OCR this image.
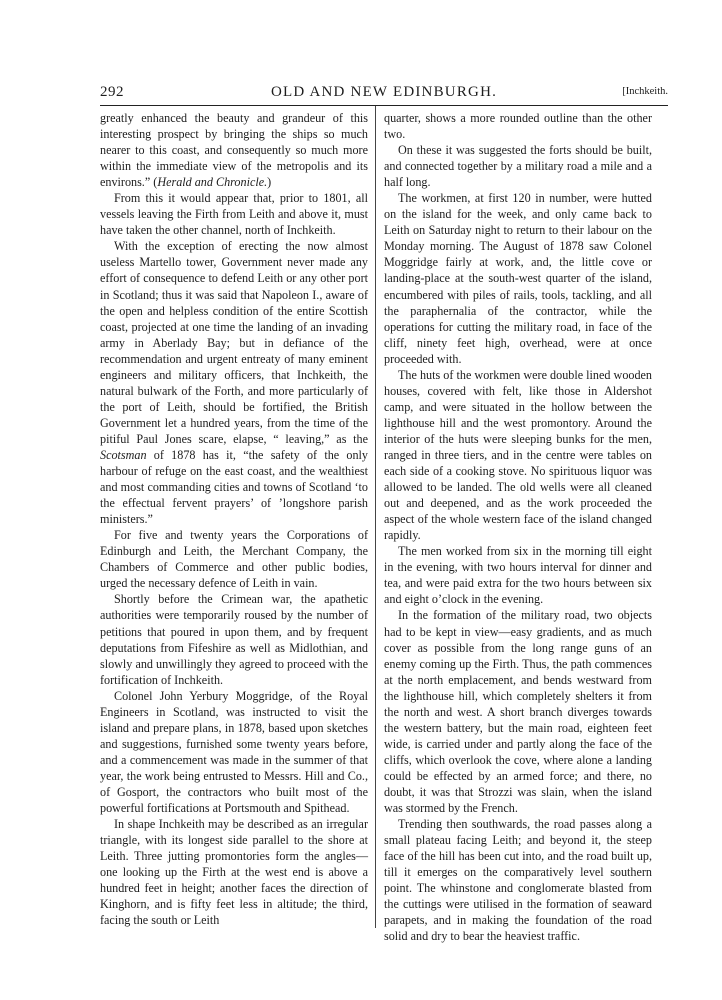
292	OLD AND NEW EDINBURGH.	[Inchkeith.

greatly enhanced the beauty and grandeur of this interesting prospect by bringing the ships so much nearer to this coast, and consequently so much more within the immediate view of the metropolis and its environs.” (Herald and Chronicle.)

From this it would appear that, prior to 1801, all vessels leaving the Firth from Leith and above it, must have taken the other channel, north of Inchkeith.

With the exception of erecting the now almost useless Martello tower, Government never made any effort of consequence to defend Leith or any other port in Scotland; thus it was said that Napoleon I., aware of the open and helpless condition of the entire Scottish coast, projected at one time the landing of an invading army in Aberlady Bay; but in defiance of the recommendation and urgent entreaty of many eminent engineers and military officers, that Inchkeith, the natural bulwark of the Forth, and more particularly of the port of Leith, should be fortified, the British Government let a hundred years, from the time of the pitiful Paul Jones scare, elapse, “ leaving,” as the Scotsman of 1878 has it, “the safety of the only harbour of refuge on the east coast, and the wealthiest and most commanding cities and towns of Scotland ‘to the effectual fervent prayers’ of ’longshore parish ministers.”

For five and twenty years the Corporations of Edinburgh and Leith, the Merchant Company, the Chambers of Commerce and other public bodies, urged the necessary defence of Leith in vain.

Shortly before the Crimean war, the apathetic authorities were temporarily roused by the number of petitions that poured in upon them, and by frequent deputations from Fifeshire as well as Midlothian, and slowly and unwillingly they agreed to proceed with the fortification of Inchkeith.

Colonel John Yerbury Moggridge, of the Royal Engineers in Scotland, was instructed to visit the island and prepare plans, in 1878, based upon sketches and suggestions, furnished some twenty years before, and a commencement was made in the summer of that year, the work being entrusted to Messrs. Hill and Co., of Gosport, the contractors who built most of the powerful fortifications at Portsmouth and Spithead.

In shape Inchkeith may be described as an irregular triangle, with its longest side parallel to the shore at Leith. Three jutting promontories form the angles—one looking up the Firth at the west end is above a hundred feet in height; another faces the direction of Kinghorn, and is fifty feet less in altitude; the third, facing the south or Leith

quarter, shows a more rounded outline than the other two.

On these it was suggested the forts should be built, and connected together by a military road a mile and a half long.

The workmen, at first 120 in number, were hutted on the island for the week, and only came back to Leith on Saturday night to return to their labour on the Monday morning. The August of 1878 saw Colonel Moggridge fairly at work, and, the little cove or landing-place at the south-west quarter of the island, encumbered with piles of rails, tools, tackling, and all the paraphernalia of the contractor, while the operations for cutting the military road, in face of the cliff, ninety feet high, overhead, were at once proceeded with.

The huts of the workmen were double lined wooden houses, covered with felt, like those in Aldershot camp, and were situated in the hollow between the lighthouse hill and the west promontory. Around the interior of the huts were sleeping bunks for the men, ranged in three tiers, and in the centre were tables on each side of a cooking stove. No spirituous liquor was allowed to be landed. The old wells were all cleaned out and deepened, and as the work proceeded the aspect of the whole western face of the island changed rapidly.

The men worked from six in the morning till eight in the evening, with two hours interval for dinner and tea, and were paid extra for the two hours between six and eight o’clock in the evening.

In the formation of the military road, two objects had to be kept in view—easy gradients, and as much cover as possible from the long range guns of an enemy coming up the Firth. Thus, the path commences at the north emplacement, and bends westward from the lighthouse hill, which completely shelters it from the north and west. A short branch diverges towards the western battery, but the main road, eighteen feet wide, is carried under and partly along the face of the cliffs, which overlook the cove, where alone a landing could be effected by an armed force; and there, no doubt, it was that Strozzi was slain, when the island was stormed by the French.

Trending then southwards, the road passes along a small plateau facing Leith; and beyond it, the steep face of the hill has been cut into, and the road built up, till it emerges on the comparatively level southern point. The whinstone and conglomerate blasted from the cuttings were utilised in the formation of seaward parapets, and in making the foundation of the road solid and dry to bear the heaviest traffic.
